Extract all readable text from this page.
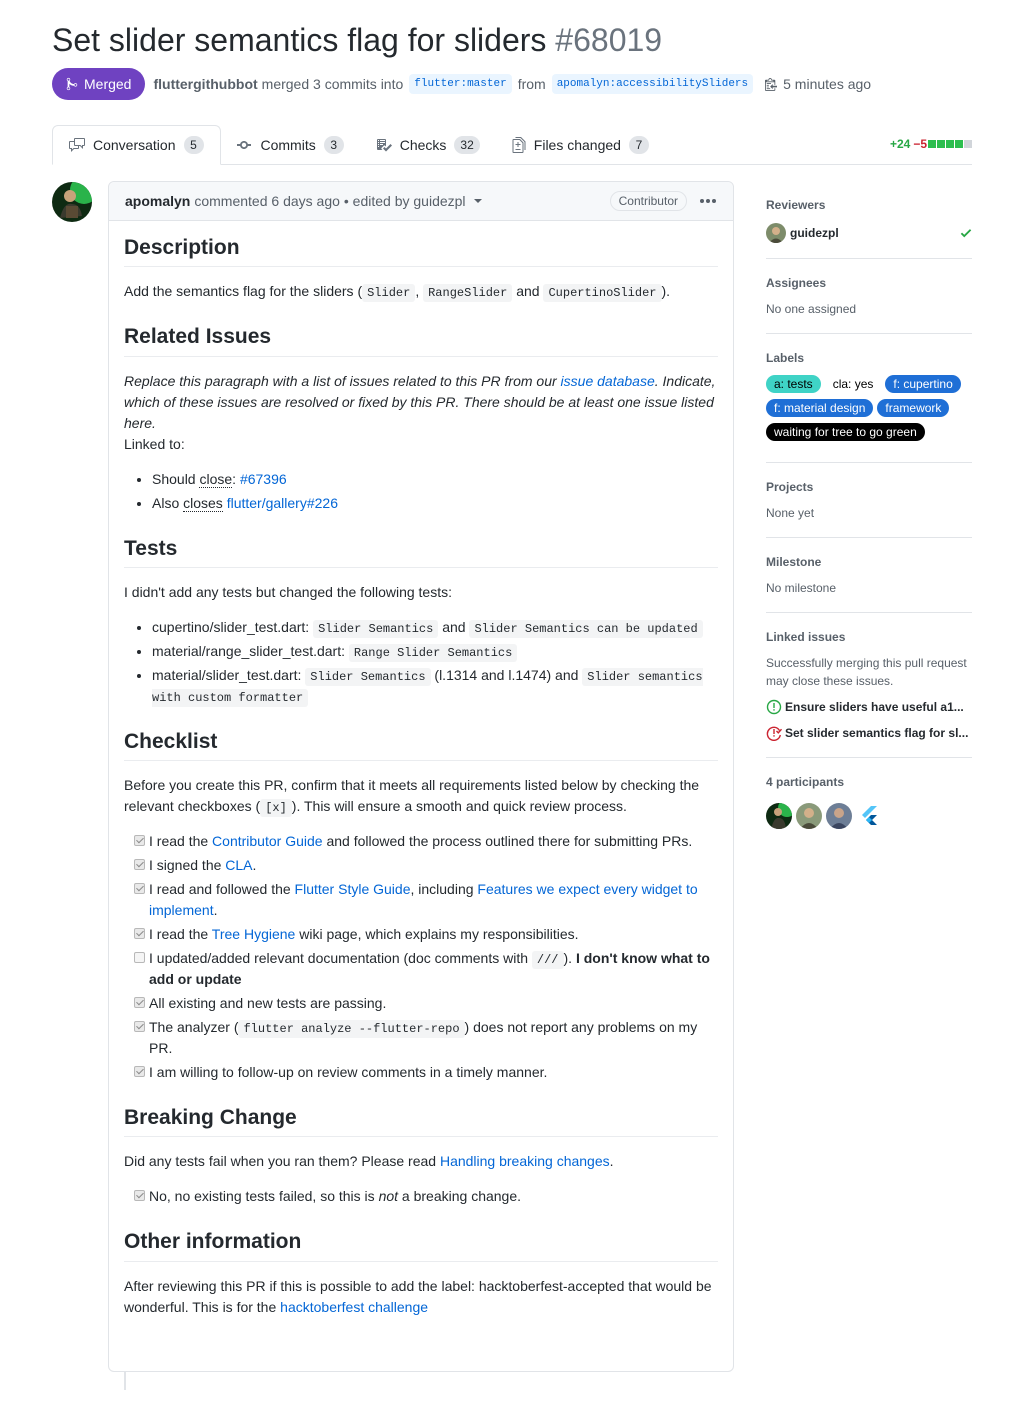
Set slider semantics flag for sliders #68019
Merged fluttergithubbot merged 3 commits into	flutter:master from	apomalyn:accessibilitySliders	5 minutes ago
Conversation	5	Commits	3	Checks	32	Files changed	7	+24 −5
apomalyn commented 6 days ago • edited by guidezpl	Contributor
Description

Add the semantics flag for the sliders ( Slider , RangeSlider and CupertinoSlider ).

Related Issues

Replace this paragraph with a list of issues related to this PR from our issue database. Indicate, which of these issues are resolved or fixed by this PR. There should be at least one issue listed here.

Linked to:

• Should close: #67396
• Also closes flutter/gallery#226
Tests

I didn't add any tests but changed the following tests:

• cupertino/slider_test.dart: Slider Semantics and Slider Semantics can be updated
• material/range_slider_test.dart: Range Slider Semantics
• material/slider_test.dart: Slider Semantics (l.1314 and l.1474) and Slider semantics with custom formatter
Checklist

Before you create this PR, confirm that it meets all requirements listed below by checking the relevant checkboxes ( [x] ). This will ensure a smooth and quick review process.

I read the Contributor Guide and followed the process outlined there for submitting PRs.
I signed the CLA.
I read and followed the Flutter Style Guide, including Features we expect every widget to implement.
I read the Tree Hygiene wiki page, which explains my responsibilities.
I updated/added relevant documentation (doc comments with /// ). I don't know what to add or update
All existing and new tests are passing.
The analyzer ( flutter analyze --flutter-repo ) does not report any problems on my PR.
I am willing to follow-up on review comments in a timely manner.
Breaking Change

Did any tests fail when you ran them? Please read Handling breaking changes.

No, no existing tests failed, so this is not a breaking change.
Other information

After reviewing this PR if this is possible to add the label: hacktoberfest-accepted that would be wonderful. This is for the hacktoberfest challenge

Reviewers
guidezpl
Assignees
No one assigned
Labels
a: tests	cla: yes	f: cupertino
f: material design	framework
waiting for tree to go green
Projects
None yet
Milestone
No milestone
Linked issues
Successfully merging this pull request may close these issues.
Ensure sliders have useful a1...
Set slider semantics flag for sl...
4 participants
